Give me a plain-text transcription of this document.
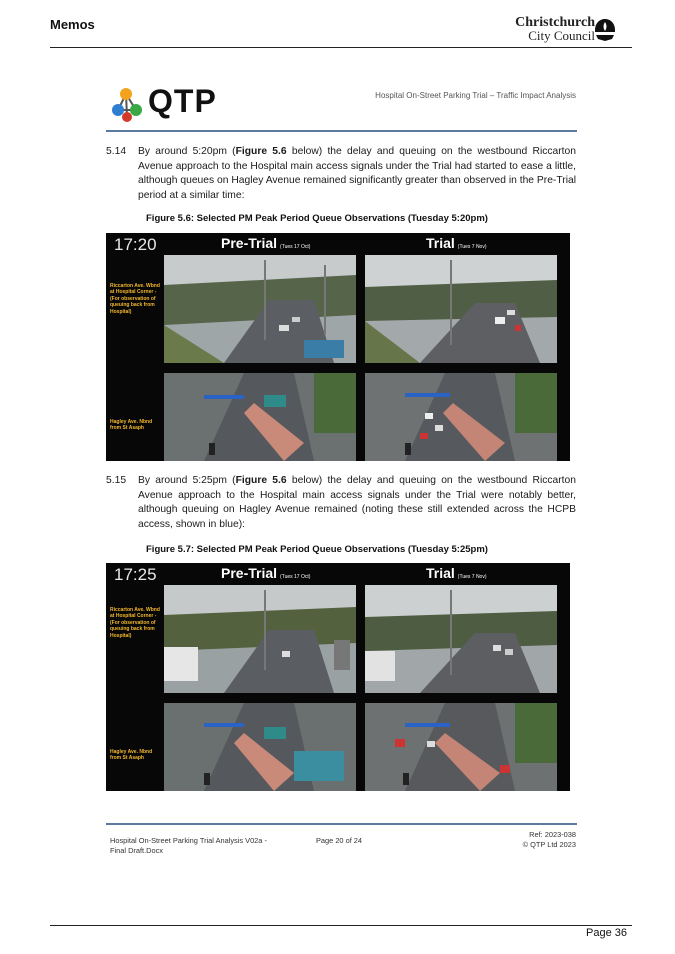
Memos	Christchurch
City Council
QTP	Hospital On-Street Parking Trial – Traffic Impact Analysis
5.14 By around 5:20pm (Figure 5.6 below) the delay and queuing on the westbound Riccarton Avenue approach to the Hospital main access signals under the Trial had started to ease a little, although queues on Hagley Avenue remained significantly greater than observed in the Pre-Trial period at a similar time:
Figure 5.6: Selected PM Peak Period Queue Observations (Tuesday 5:20pm)
17:20	Pre-Trial (Tues 17 Oct)	Trial (Tues 7 Nov)
Riccarton Ave. Wbnd at Hospital Corner - (For observation of queuing back from Hospital)
Hagley Ave. Nbnd from St Asaph
5.15 By around 5:25pm (Figure 5.6 below) the delay and queuing on the westbound Riccarton Avenue approach to the Hospital main access signals under the Trial were notably better, although queuing on Hagley Avenue remained (noting these still extended across the HCPB access, shown in blue):
Figure 5.7: Selected PM Peak Period Queue Observations (Tuesday 5:25pm)
17:25	Pre-Trial (Tues 17 Oct)	Trial (Tues 7 Nov)
Riccarton Ave. Wbnd at Hospital Corner - (For observation of queuing back from Hospital)
Hagley Ave. Nbnd from St Asaph
Hospital On-Street Parking Trial Analysis V02a -
Final Draft.Docx
Page 20 of 24
Ref: 2023-038
© QTP Ltd 2023
Page 36
